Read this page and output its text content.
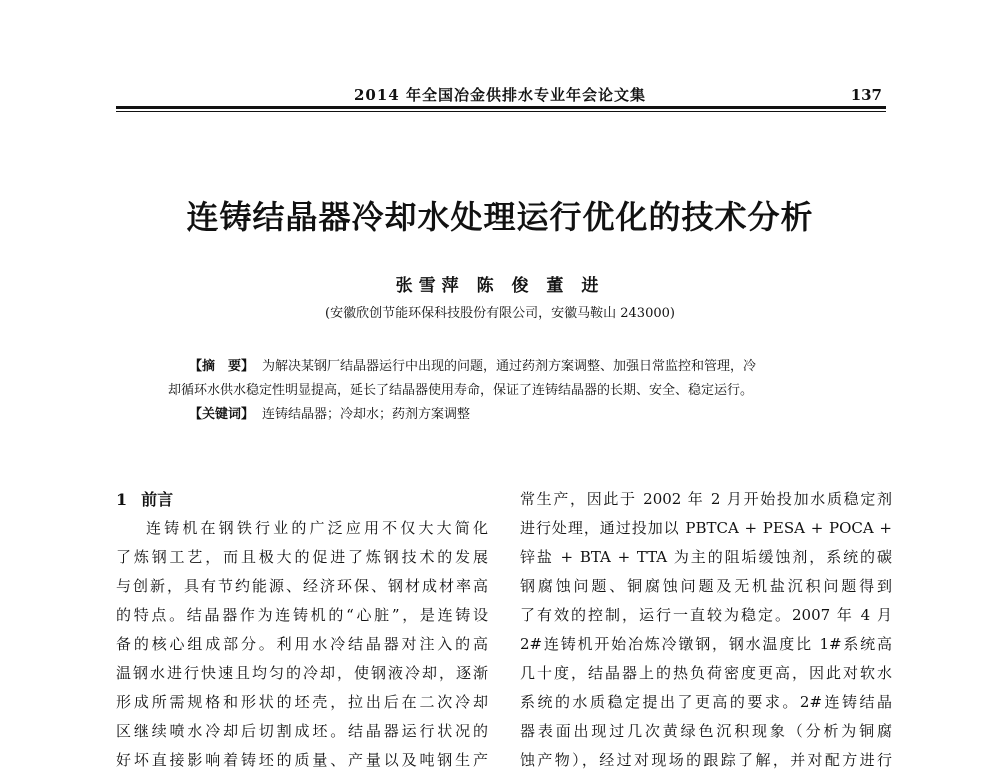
2014 年全国冶金供排水专业年会论文集	137
连铸结晶器冷却水处理运行优化的技术分析
张雪萍 陈 俊 董 进
(安徽欣创节能环保科技股份有限公司，安徽马鞍山 243000)
【摘　要】 为解决某钢厂结晶器运行中出现的问题，通过药剂方案调整、加强日常监控和管理，冷
却循环水供水稳定性明显提高，延长了结晶器使用寿命，保证了连铸结晶器的长期、安全、稳定运行。
【关键词】 连铸结晶器；冷却水；药剂方案调整
1 前言
连铸机在钢铁行业的广泛应用不仅大大简化
了炼钢工艺，而且极大的促进了炼钢技术的发展
与创新，具有节约能源、经济环保、钢材成材率高
的特点。结晶器作为连铸机的“心脏”，是连铸设
备的核心组成部分。利用水冷结晶器对注入的高
温钢水进行快速且均匀的冷却，使钢液冷却，逐渐
形成所需规格和形状的坯壳，拉出后在二次冷却
区继续喷水冷却后切割成坯。结晶器运行状况的
好坏直接影响着铸坯的质量、产量以及吨钢生产
常生产，因此于 2002 年 2 月开始投加水质稳定剂
进行处理，通过投加以 PBTCA + PESA + POCA +
锌盐 + BTA + TTA 为主的阻垢缓蚀剂，系统的碳
钢腐蚀问题、铜腐蚀问题及无机盐沉积问题得到
了有效的控制，运行一直较为稳定。2007 年 4 月
2#连铸机开始冶炼冷镦钢，钢水温度比 1#系统高
几十度，结晶器上的热负荷密度更高，因此对软水
系统的水质稳定提出了更高的要求。2#连铸结晶
器表面出现过几次黄绿色沉积现象（分析为铜腐
蚀产物），经过对现场的跟踪了解，并对配方进行
